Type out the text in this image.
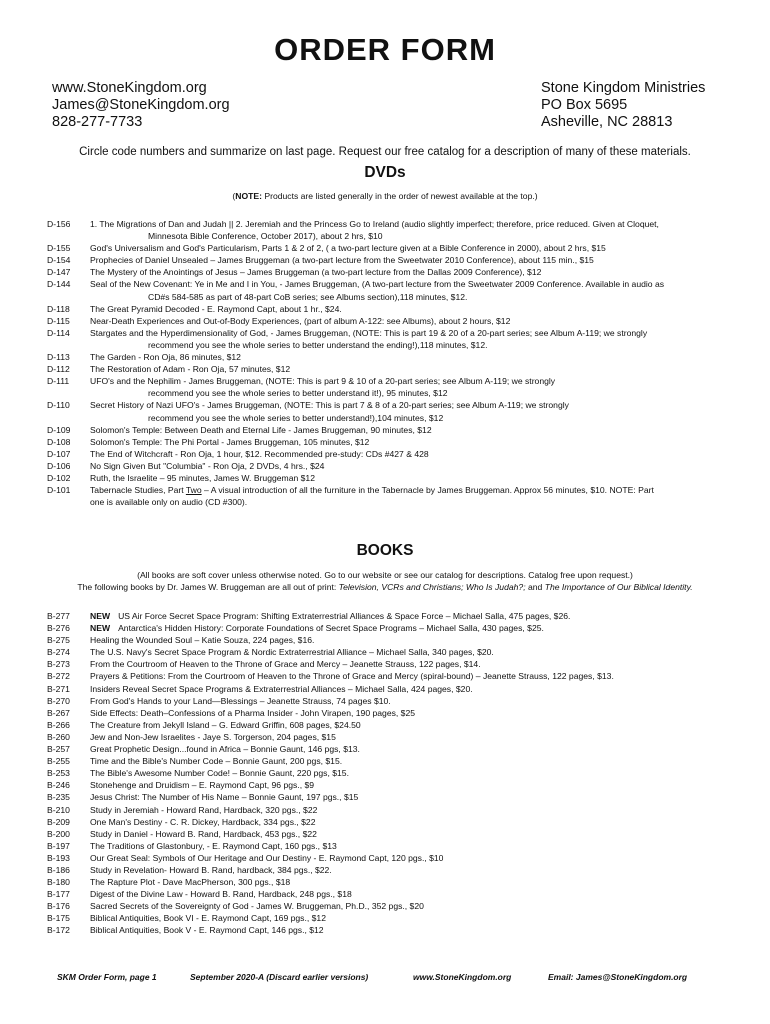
ORDER FORM
www.StoneKingdom.org
James@StoneKingdom.org
828-277-7733
Stone Kingdom Ministries
PO Box 5695
Asheville, NC 28813
Circle code numbers and summarize on last page. Request our free catalog for a description of many of these materials.
DVDs
(NOTE: Products are listed generally in the order of newest available at the top.)
D-156	1. The Migrations of Dan and Judah || 2. Jeremiah and the Princess Go to Ireland (audio slightly imperfect; therefore, price reduced. Given at Cloquet,
Minnesota Bible Conference, October 2017), about 2 hrs, $10
D-155	God's Universalism and God's Particularism, Parts 1 & 2 of 2, ( a two-part lecture given at a Bible Conference in 2000), about 2 hrs, $15
D-154	Prophecies of Daniel Unsealed – James Bruggeman (a two-part lecture from the Sweetwater 2010 Conference), about 115 min., $15
D-147	The Mystery of the Anointings of Jesus – James Bruggeman (a two-part lecture from the Dallas 2009 Conference), $12
D-144	Seal of the New Covenant: Ye in Me and I in You, - James Bruggeman, (A two-part lecture from the Sweetwater 2009 Conference. Available in audio as
CD#s 584-585 as part of 48-part CoB series; see Albums section),118 minutes, $12.
D-118	The Great Pyramid Decoded - E. Raymond Capt, about 1 hr., $24.
D-115	Near-Death Experiences and Out-of-Body Experiences, (part of album A-122: see Albums), about 2 hours, $12
D-114	Stargates and the Hyperdimensionality of God, - James Bruggeman, (NOTE: This is part 19 & 20 of a 20-part series; see Album A-119; we strongly
recommend you see the whole series to better understand the ending!),118 minutes, $12.
D-113	The Garden - Ron Oja, 86 minutes, $12
D-112	The Restoration of Adam - Ron Oja, 57 minutes, $12
D-111	UFO's and the Nephilim - James Bruggeman, (NOTE: This is part 9 & 10 of a 20-part series; see Album A-119; we strongly
recommend you see the whole series to better understand it!), 95 minutes, $12
D-110	Secret History of Nazi UFO's - James Bruggeman, (NOTE: This is part 7 & 8 of a 20-part series; see Album A-119; we strongly
recommend you see the whole series to better understand!),104 minutes, $12
D-109	Solomon's Temple: Between Death and Eternal Life - James Bruggeman, 90 minutes, $12
D-108	Solomon's Temple: The Phi Portal - James Bruggeman, 105 minutes, $12
D-107	The End of Witchcraft - Ron Oja, 1 hour, $12. Recommended pre-study: CDs #427 & 428
D-106	No Sign Given But "Columbia" - Ron Oja, 2 DVDs, 4 hrs., $24
D-102	Ruth, the Israelite – 95 minutes, James W. Bruggeman $12
D-101	Tabernacle Studies, Part Two – A visual introduction of all the furniture in the Tabernacle by James Bruggeman. Approx 56 minutes, $10. NOTE: Part
one is available only on audio (CD #300).
BOOKS
(All books are soft cover unless otherwise noted. Go to our website or see our catalog for descriptions. Catalog free upon request.)
The following books by Dr. James W. Bruggeman are all out of print: Television, VCRs and Christians; Who Is Judah?; and The Importance of Our Biblical Identity.
B-277	NEW US Air Force Secret Space Program: Shifting Extraterrestrial Alliances & Space Force – Michael Salla, 475 pages, $26.
B-276	NEW Antarctica's Hidden History: Corporate Foundations of Secret Space Programs – Michael Salla, 430 pages, $25.
B-275	Healing the Wounded Soul – Katie Souza, 224 pages, $16.
B-274	The U.S. Navy's Secret Space Program & Nordic Extraterrestrial Alliance – Michael Salla, 340 pages, $20.
B-273	From the Courtroom of Heaven to the Throne of Grace and Mercy – Jeanette Strauss, 122 pages, $14.
B-272	Prayers & Petitions: From the Courtroom of Heaven to the Throne of Grace and Mercy (spiral-bound) – Jeanette Strauss, 122 pages, $13.
B-271	Insiders Reveal Secret Space Programs & Extraterrestrial Alliances – Michael Salla, 424 pages, $20.
B-270	From God's Hands to your Land—Blessings – Jeanette Strauss, 74 pages $10.
B-267	Side Effects: Death–Confessions of a Pharma Insider - John Virapen, 190 pages, $25
B-266	The Creature from Jekyll Island – G. Edward Griffin, 608 pages, $24.50
B-260	Jew and Non-Jew Israelites - Jaye S. Torgerson, 204 pages, $15
B-257	Great Prophetic Design...found in Africa – Bonnie Gaunt, 146 pgs, $13.
B-255	Time and the Bible's Number Code – Bonnie Gaunt, 200 pgs, $15.
B-253	The Bible's Awesome Number Code! – Bonnie Gaunt, 220 pgs, $15.
B-246	Stonehenge and Druidism – E. Raymond Capt, 96 pgs., $9
B-235	Jesus Christ: The Number of His Name – Bonnie Gaunt, 197 pgs., $15
B-210	Study in Jeremiah - Howard Rand, Hardback, 320 pgs., $22
B-209	One Man's Destiny - C. R. Dickey, Hardback, 334 pgs., $22
B-200	Study in Daniel - Howard B. Rand, Hardback, 453 pgs., $22
B-197	The Traditions of Glastonbury, - E. Raymond Capt, 160 pgs., $13
B-193	Our Great Seal: Symbols of Our Heritage and Our Destiny - E. Raymond Capt, 120 pgs., $10
B-186	Study in Revelation- Howard B. Rand, hardback, 384 pgs., $22.
B-180	The Rapture Plot - Dave MacPherson, 300 pgs., $18
B-177	Digest of the Divine Law - Howard B. Rand, Hardback, 248 pgs., $18
B-176	Sacred Secrets of the Sovereignty of God - James W. Bruggeman, Ph.D., 352 pgs., $20
B-175	Biblical Antiquities, Book VI - E. Raymond Capt, 169 pgs., $12
B-172	Biblical Antiquities, Book V - E. Raymond Capt, 146 pgs., $12
SKM Order Form, page 1	September 2020-A (Discard earlier versions)	www.StoneKingdom.org	Email: James@StoneKingdom.org
